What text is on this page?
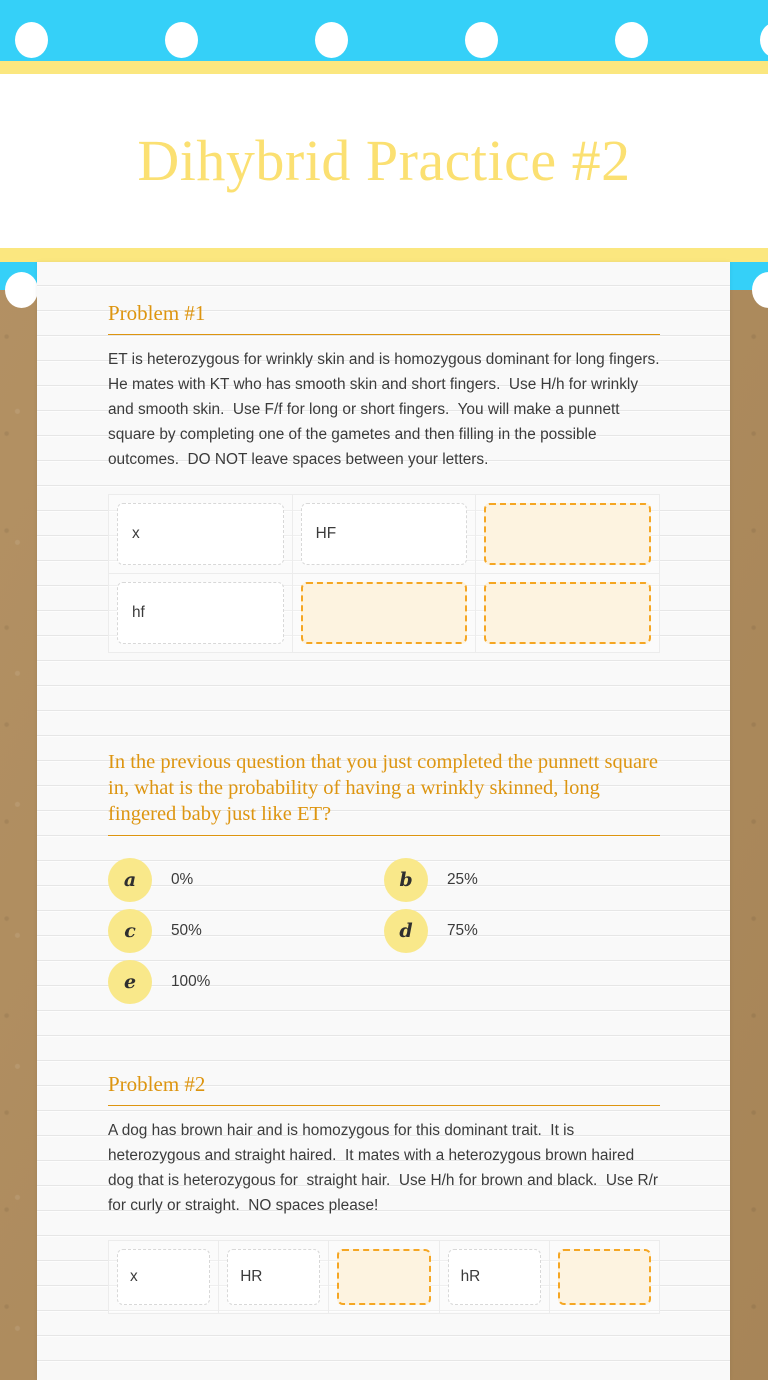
Dihybrid Practice #2
Problem #1

ET is heterozygous for wrinkly skin and is homozygous dominant for long fingers.   He mates with KT who has smooth skin and short fingers.  Use H/h for wrinkly and smooth skin.  Use F/f for long or short fingers.  You will make a punnett square by completing one of the gametes and then filling in the possible outcomes.  DO NOT leave spaces between your letters.

x	HF	

hf		

In the previous question that you just completed the punnett square in, what is the probability of having a wrinkly skinned, long fingered baby just like ET?

a	0%	b	25%
c	50%	d	75%
e	100%
Problem #2

A dog has brown hair and is homozygous for this dominant trait.  It is heterozygous and straight haired.  It mates with a heterozygous brown haired dog that is heterozygous for  straight hair.  Use H/h for brown and black.  Use R/r for curly or straight.  NO spaces please!

x	HR		hR
